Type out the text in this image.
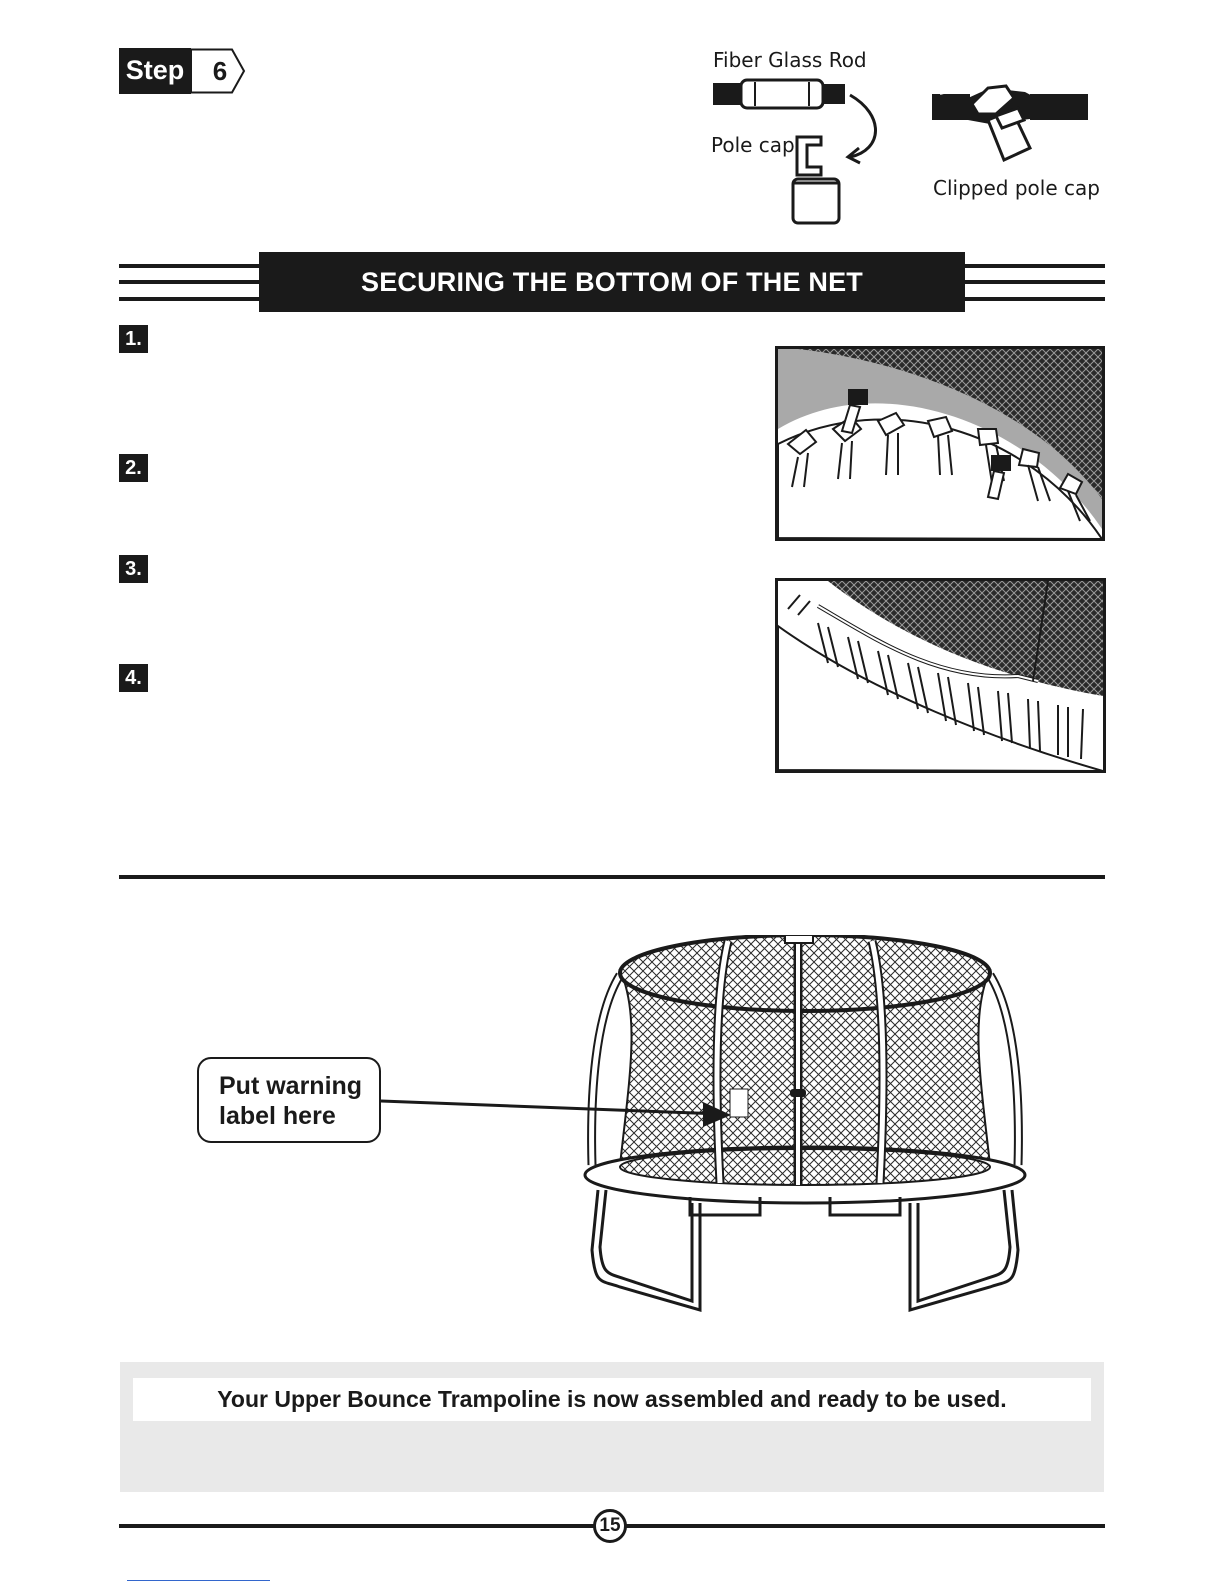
Step 6	Fiber Glass Rod
Pole cap
Clipped pole cap
SECURING THE BOTTOM OF THE NET
1.
2.
3.
4.
Put warning
label here
Your Upper Bounce Trampoline is now assembled and ready to be used.
15
